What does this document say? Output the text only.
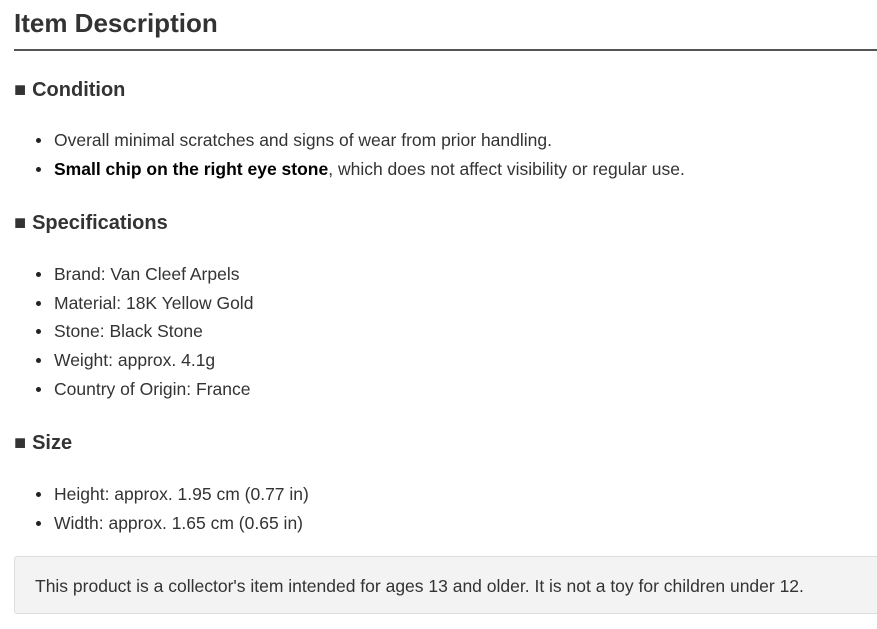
Item Description
■ Condition
Overall minimal scratches and signs of wear from prior handling.
Small chip on the right eye stone, which does not affect visibility or regular use.
■ Specifications
Brand: Van Cleef Arpels
Material: 18K Yellow Gold
Stone: Black Stone
Weight: approx. 4.1g
Country of Origin: France
■ Size
Height: approx. 1.95 cm (0.77 in)
Width: approx. 1.65 cm (0.65 in)
This product is a collector's item intended for ages 13 and older. It is not a toy for children under 12.
